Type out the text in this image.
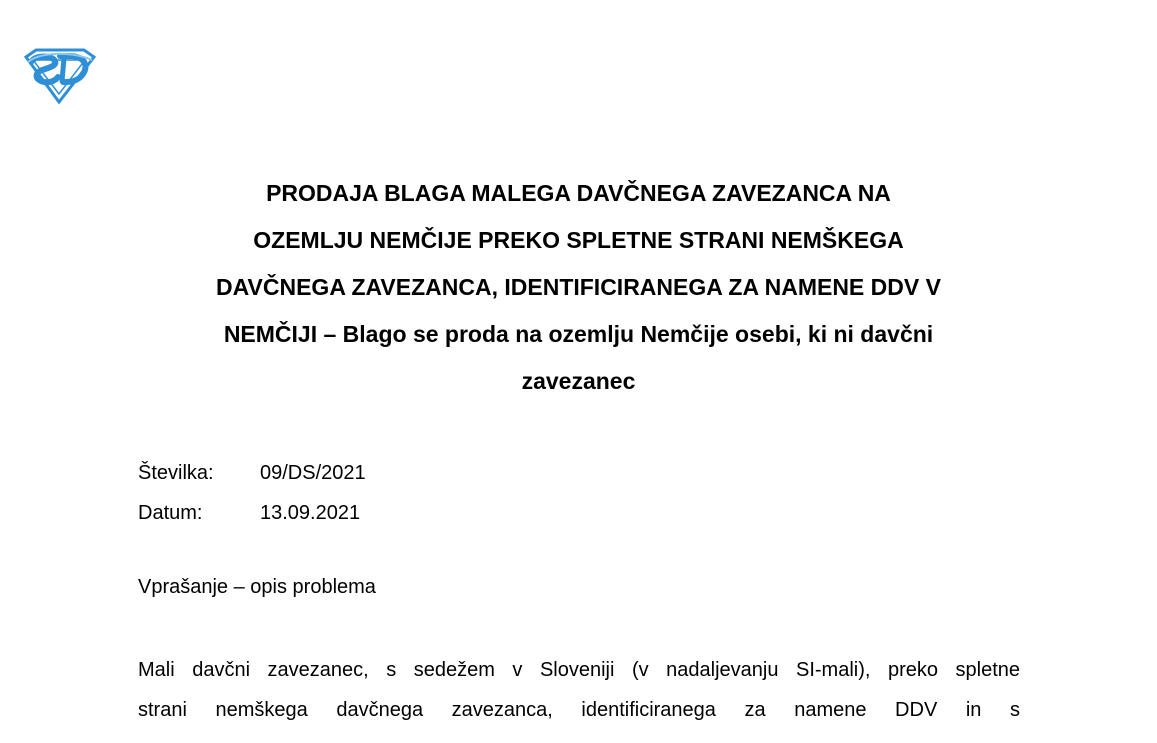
PRODAJA BLAGA MALEGA DAVČNEGA ZAVEZANCA NA
OZEMLJU NEMČIJE PREKO SPLETNE STRANI NEMŠKEGA
DAVČNEGA ZAVEZANCA, IDENTIFICIRANEGA ZA NAMENE DDV V
NEMČIJI – Blago se proda na ozemlju Nemčije osebi, ki ni davčni
zavezanec
Številka:	09/DS/2021
Datum:	13.09.2021
Vprašanje – opis problema

Mali davčni zavezanec, s sedežem v Sloveniji (v nadaljevanju SI-mali), preko spletne
strani nemškega davčnega zavezanca, identificiranega za namene DDV in s
